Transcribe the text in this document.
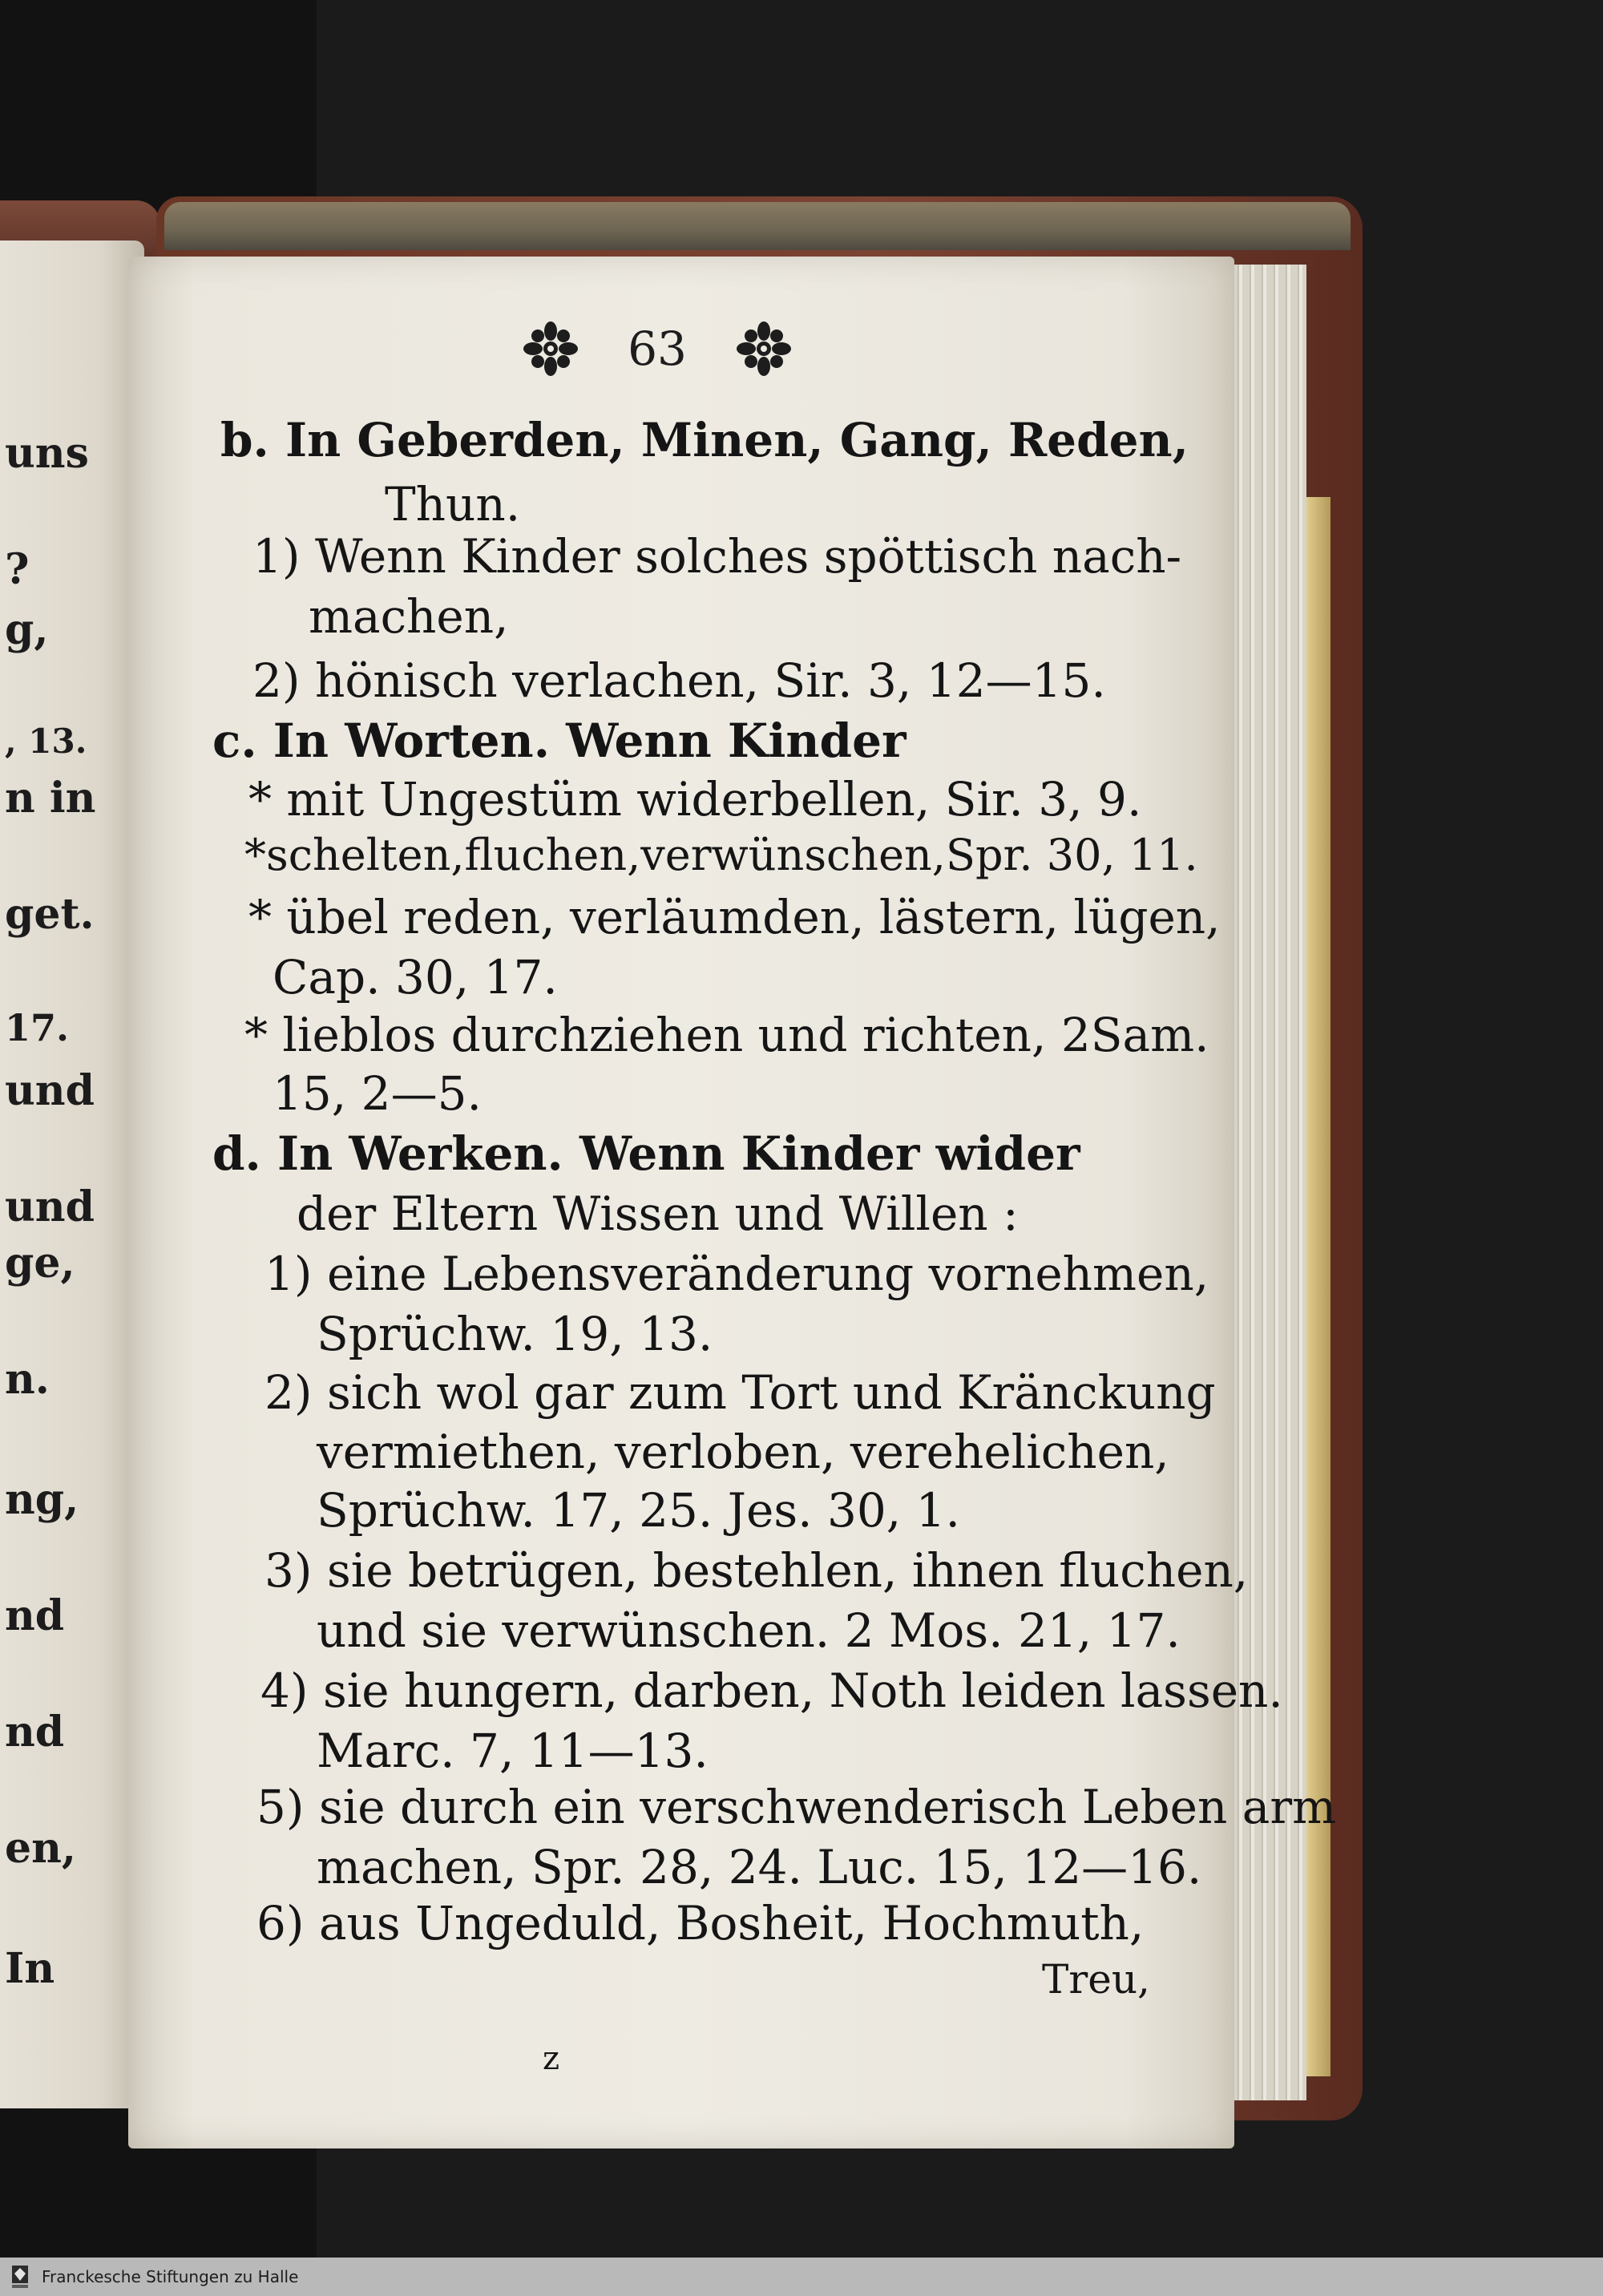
uns
?
g,
, 13.
n in
get.
17.
und
und
ge,
n.
ng,
nd
nd
en,
In
63
b. In Geberden, Minen, Gang, Reden,
Thun.
1) Wenn Kinder solches spöttisch nach-
machen,
2) hönisch verlachen, Sir. 3, 12—15.
c. In Worten. Wenn Kinder
* mit Ungestüm widerbellen, Sir. 3, 9.
*schelten,fluchen,verwünschen,Spr. 30, 11.
* übel reden, verläumden, lästern, lügen,
Cap. 30, 17.
* lieblos durchziehen und richten, 2Sam.
15, 2—5.
d. In Werken. Wenn Kinder wider
der Eltern Wissen und Willen :
1) eine Lebensveränderung vornehmen,
Sprüchw. 19, 13.
2) sich wol gar zum Tort und Kränckung
vermiethen, verloben, verehelichen,
Sprüchw. 17, 25. Jes. 30, 1.
3) sie betrügen, bestehlen, ihnen fluchen,
und sie verwünschen. 2 Mos. 21, 17.
4) sie hungern, darben, Noth leiden lassen.
Marc. 7, 11—13.
5) sie durch ein verschwenderisch Leben arm
machen, Spr. 28, 24. Luc. 15, 12—16.
6) aus Ungeduld, Bosheit, Hochmuth,
Treu,
z
Franckesche Stiftungen zu Halle
